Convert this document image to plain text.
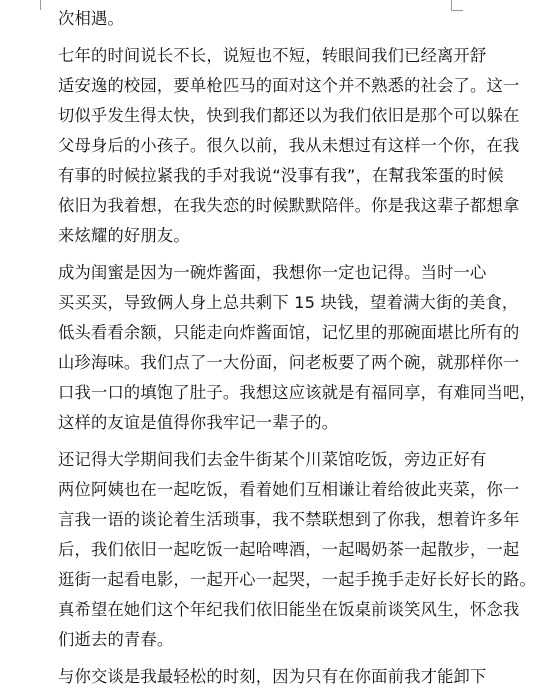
次相遇。
七年的时间说长不长，说短也不短，转眼间我们已经离开舒
适安逸的校园，要单枪匹马的面对这个并不熟悉的社会了。这一
切似乎发生得太快，快到我们都还以为我们依旧是那个可以躲在
父母身后的小孩子。很久以前，我从未想过有这样一个你，在我
有事的时候拉紧我的手对我说“没事有我”，在幫我笨蛋的时候
依旧为我着想，在我失恋的时候默默陪伴。你是我这辈子都想拿
来炫耀的好朋友。
成为闺蜜是因为一碗炸酱面，我想你一定也记得。当时一心
买买买，导致俩人身上总共剩下 15 块钱，望着满大街的美食，
低头看看余额，只能走向炸酱面馆，记忆里的那碗面堪比所有的
山珍海味。我们点了一大份面，问老板要了两个碗，就那样你一
口我一口的填饱了肚子。我想这应该就是有福同享，有难同当吧，
这样的友谊是值得你我牢记一辈子的。
还记得大学期间我们去金牛街某个川菜馆吃饭，旁边正好有
两位阿姨也在一起吃饭，看着她们互相谦让着给彼此夹菜，你一
言我一语的谈论着生活琐事，我不禁联想到了你我，想着许多年
后，我们依旧一起吃饭一起哈啤酒，一起喝奶茶一起散步，一起
逛街一起看电影，一起开心一起哭，一起手挽手走好长好长的路。
真希望在她们这个年纪我们依旧能坐在饭桌前谈笑风生，怀念我
们逝去的青春。
与你交谈是我最轻松的时刻，因为只有在你面前我才能卸下
